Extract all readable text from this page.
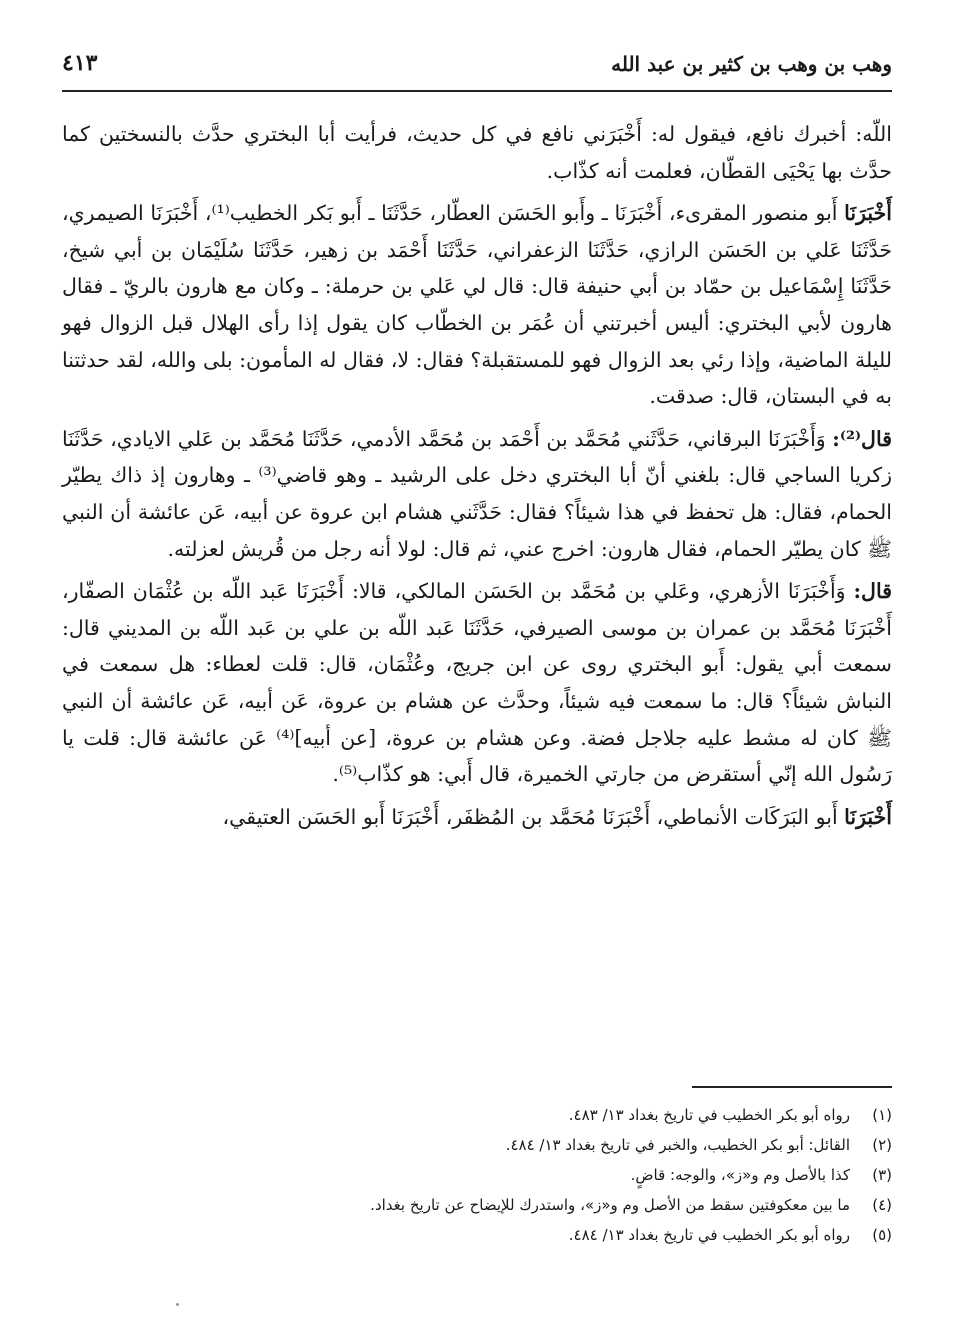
وهب بن وهب بن كثير بن عبد الله
٤١٣

اللّه: أخبرك نافع، فيقول له: أَخْبَرَني نافع في كل حديث، فرأيت أبا البختري حدَّث بالنسختين كما حدَّث بها يَحْيَى القطّان، فعلمت أنه كذّاب.

أَخْبَرَنَا أَبو منصور المقرىء، أَخْبَرَنَا ـ وأَبو الحَسَن العطّار، حَدَّثَنَا ـ أَبو بَكر الخطيب⁽¹⁾، أَخْبَرَنَا الصيمري، حَدَّثَنَا عَلي بن الحَسَن الرازي، حَدَّثَنَا الزعفراني، حَدَّثَنَا أَحْمَد بن زهير، حَدَّثَنَا سُلَيْمَان بن أبي شيخ، حَدَّثَنَا إِسْمَاعيل بن حمّاد بن أبي حنيفة قال: قال لي عَلي بن حرملة: ـ وكان مع هارون بالريّ ـ فقال هارون لأبي البختري: أليس أخبرتني أن عُمَر بن الخطّاب كان يقول إذا رأى الهلال قبل الزوال فهو لليلة الماضية، وإذا رئي بعد الزوال فهو للمستقبلة؟ فقال: لا، فقال له المأمون: بلى والله، لقد حدثتنا به في البستان، قال: صدقت.

قال⁽²⁾: وَأَخْبَرَنَا البرقاني، حَدَّثَني مُحَمَّد بن أَحْمَد بن مُحَمَّد الأدمي، حَدَّثَنَا مُحَمَّد بن عَلي الايادي، حَدَّثَنَا زكريا الساجي قال: بلغني أنّ أبا البختري دخل على الرشيد ـ وهو قاضي⁽³⁾ ـ وهارون إذ ذاك يطيّر الحمام، فقال: هل تحفظ في هذا شيئاً؟ فقال: حَدَّثَني هشام ابن عروة عن أبيه، عَن عائشة أن النبي ﷺ كان يطيّر الحمام، فقال هارون: اخرج عني، ثم قال: لولا أنه رجل من قُريش لعزلته.

قال: وَأَخْبَرَنَا الأزهري، وعَلي بن مُحَمَّد بن الحَسَن المالكي، قالا: أَخْبَرَنَا عَبد اللّه بن عُثْمَان الصفّار، أَخْبَرَنَا مُحَمَّد بن عمران بن موسى الصيرفي، حَدَّثَنَا عَبد اللّه بن علي بن عَبد اللّه بن المديني قال: سمعت أبي يقول: أَبو البختري روى عن ابن جريج، وعُثْمَان، قال: قلت لعطاء: هل سمعت في النباش شيئاً؟ قال: ما سمعت فيه شيئاً، وحدَّث عن هشام بن عروة، عَن أبيه، عَن عائشة أن النبي ﷺ كان له مشط عليه جلاجل فضة. وعن هشام بن عروة، [عن أبيه]⁽⁴⁾ عَن عائشة قال: قلت يا رَسُول الله إنّي أستقرض من جارتي الخميرة، قال أَبي: هو كذّاب⁽⁵⁾.

أَخْبَرَنَا أَبو البَرَكَات الأنماطي، أَخْبَرَنَا مُحَمَّد بن المُظفَر، أَخْبَرَنَا أَبو الحَسَن العتيقي،

(١)
رواه أبو بكر الخطيب في تاريخ بغداد ١٣/ ٤٨٣.
(٢)
القائل: أبو بكر الخطيب، والخبر في تاريخ بغداد ١٣/ ٤٨٤.
(٣)
كذا بالأصل وم و«ز»، والوجه: قاضٍ.
(٤)
ما بين معكوفتين سقط من الأصل وم و«ز»، واستدرك للإيضاح عن تاريخ بغداد.
(٥)
رواه أبو بكر الخطيب في تاريخ بغداد ١٣/ ٤٨٤.
